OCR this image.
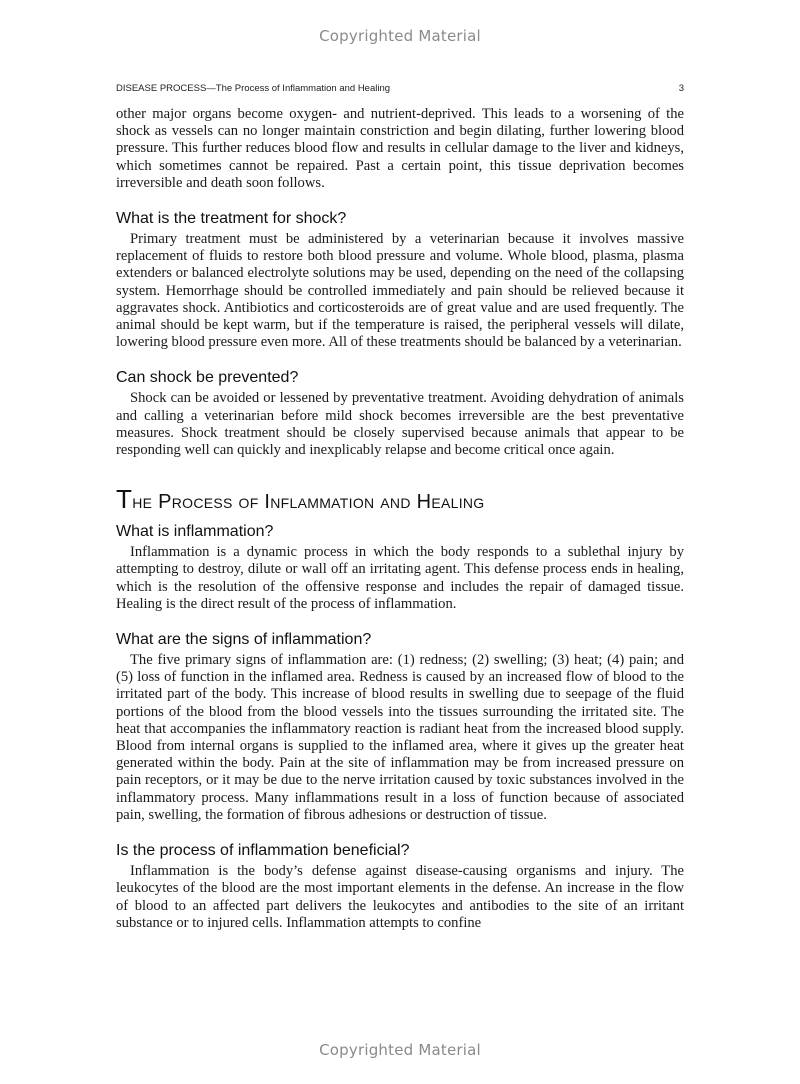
Copyrighted Material
DISEASE PROCESS—The Process of Inflammation and Healing	3

other major organs become oxygen- and nutrient-deprived. This leads to a worsening of the shock as vessels can no longer maintain constriction and begin dilating, further lowering blood pressure. This further reduces blood flow and results in cellular damage to the liver and kidneys, which sometimes cannot be repaired. Past a certain point, this tissue deprivation becomes irreversible and death soon follows.

What is the treatment for shock?

Primary treatment must be administered by a veterinarian because it involves massive replacement of fluids to restore both blood pressure and volume. Whole blood, plasma, plasma extenders or balanced electrolyte solutions may be used, depending on the need of the collapsing system. Hemorrhage should be controlled immediately and pain should be relieved because it aggravates shock. Antibiotics and corticosteroids are of great value and are used frequently. The animal should be kept warm, but if the temperature is raised, the peripheral vessels will dilate, lowering blood pressure even more. All of these treatments should be balanced by a veterinarian.

Can shock be prevented?

Shock can be avoided or lessened by preventative treatment. Avoiding dehydration of animals and calling a veterinarian before mild shock becomes irreversible are the best preventative measures. Shock treatment should be closely supervised because animals that appear to be responding well can quickly and inexplicably relapse and become critical once again.

The Process of Inflammation and Healing
What is inflammation?

Inflammation is a dynamic process in which the body responds to a sublethal injury by attempting to destroy, dilute or wall off an irritating agent. This defense process ends in healing, which is the resolution of the offensive response and includes the repair of damaged tissue. Healing is the direct result of the process of inflammation.

What are the signs of inflammation?

The five primary signs of inflammation are: (1) redness; (2) swelling; (3) heat; (4) pain; and (5) loss of function in the inflamed area. Redness is caused by an increased flow of blood to the irritated part of the body. This increase of blood results in swelling due to seepage of the fluid portions of the blood from the blood vessels into the tissues surrounding the irritated site. The heat that accompanies the inflammatory reaction is radiant heat from the increased blood supply. Blood from internal organs is supplied to the inflamed area, where it gives up the greater heat generated within the body. Pain at the site of inflammation may be from increased pressure on pain receptors, or it may be due to the nerve irritation caused by toxic substances involved in the inflammatory process. Many inflammations result in a loss of function because of associated pain, swelling, the formation of fibrous adhesions or destruction of tissue.

Is the process of inflammation beneficial?

Inflammation is the body’s defense against disease-causing organisms and injury. The leukocytes of the blood are the most important elements in the defense. An increase in the flow of blood to an affected part delivers the leukocytes and antibodies to the site of an irritant substance or to injured cells. Inflammation attempts to confine

Copyrighted Material
